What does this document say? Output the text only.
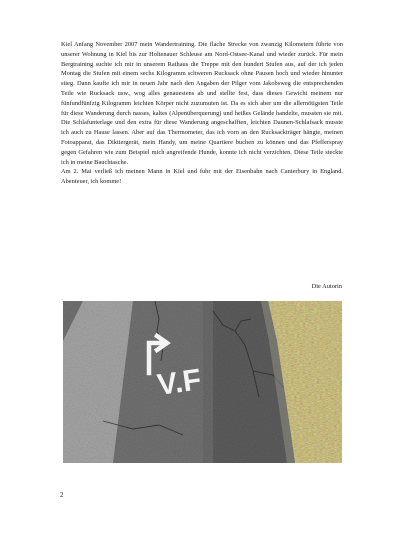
Kiel Anfang November 2007 mein Wandertraining. Die flache Strecke von zwanzig Kilometern führte von unserer Wohnung in Kiel bis zur Holtenauer Schleuse am Nord-Ostsee-Kanal und wieder zurück. Für mein Bergtraining suchte ich mir in unserem Rathaus die Treppe mit den hundert Stufen aus, auf der ich jeden Montag die Stufen mit einem sechs Kilogramm schweren Rucksack ohne Pausen hoch und wieder hinunter stieg. Dann kaufte ich mir in neuen Jahr nach den Angaben der Pilger vom Jakobsweg die entsprechenden Teile wie Rucksack usw., wog alles genauestens ab und stellte fest, dass dieses Gewicht meinem nur fünfundfünfzig Kilogramm leichten Körper nicht zuzumuten ist. Da es sich aber um die allernötigsten Teile für diese Wanderung durch nasses, kaltes (Alpenüberquerung) und heißes Gelände handelte, mussten sie mit. Die Schlafunterlage und den extra für diese Wanderung angeschafften, leichten Daunen-Schlafsack musste ich auch zu Hause lassen. Aber auf das Thermometer, das ich vorn an den Rucksackträger hängte, meinen Fotoapparat, das Diktiergerät, mein Handy, um meine Quartiere buchen zu können und das Pfefferspray gegen Gefahren wie zum Beispiel mich angreifende Hunde, konnte ich nicht verzichten. Diese Teile steckte ich in meine Bauchtasche.

Am 2. Mai verließ ich meinen Mann in Kiel und fuhr mit der Eisenbahn nach Canterbury in England. Abenteuer, ich komme!

Die Autorin
V.F
2
